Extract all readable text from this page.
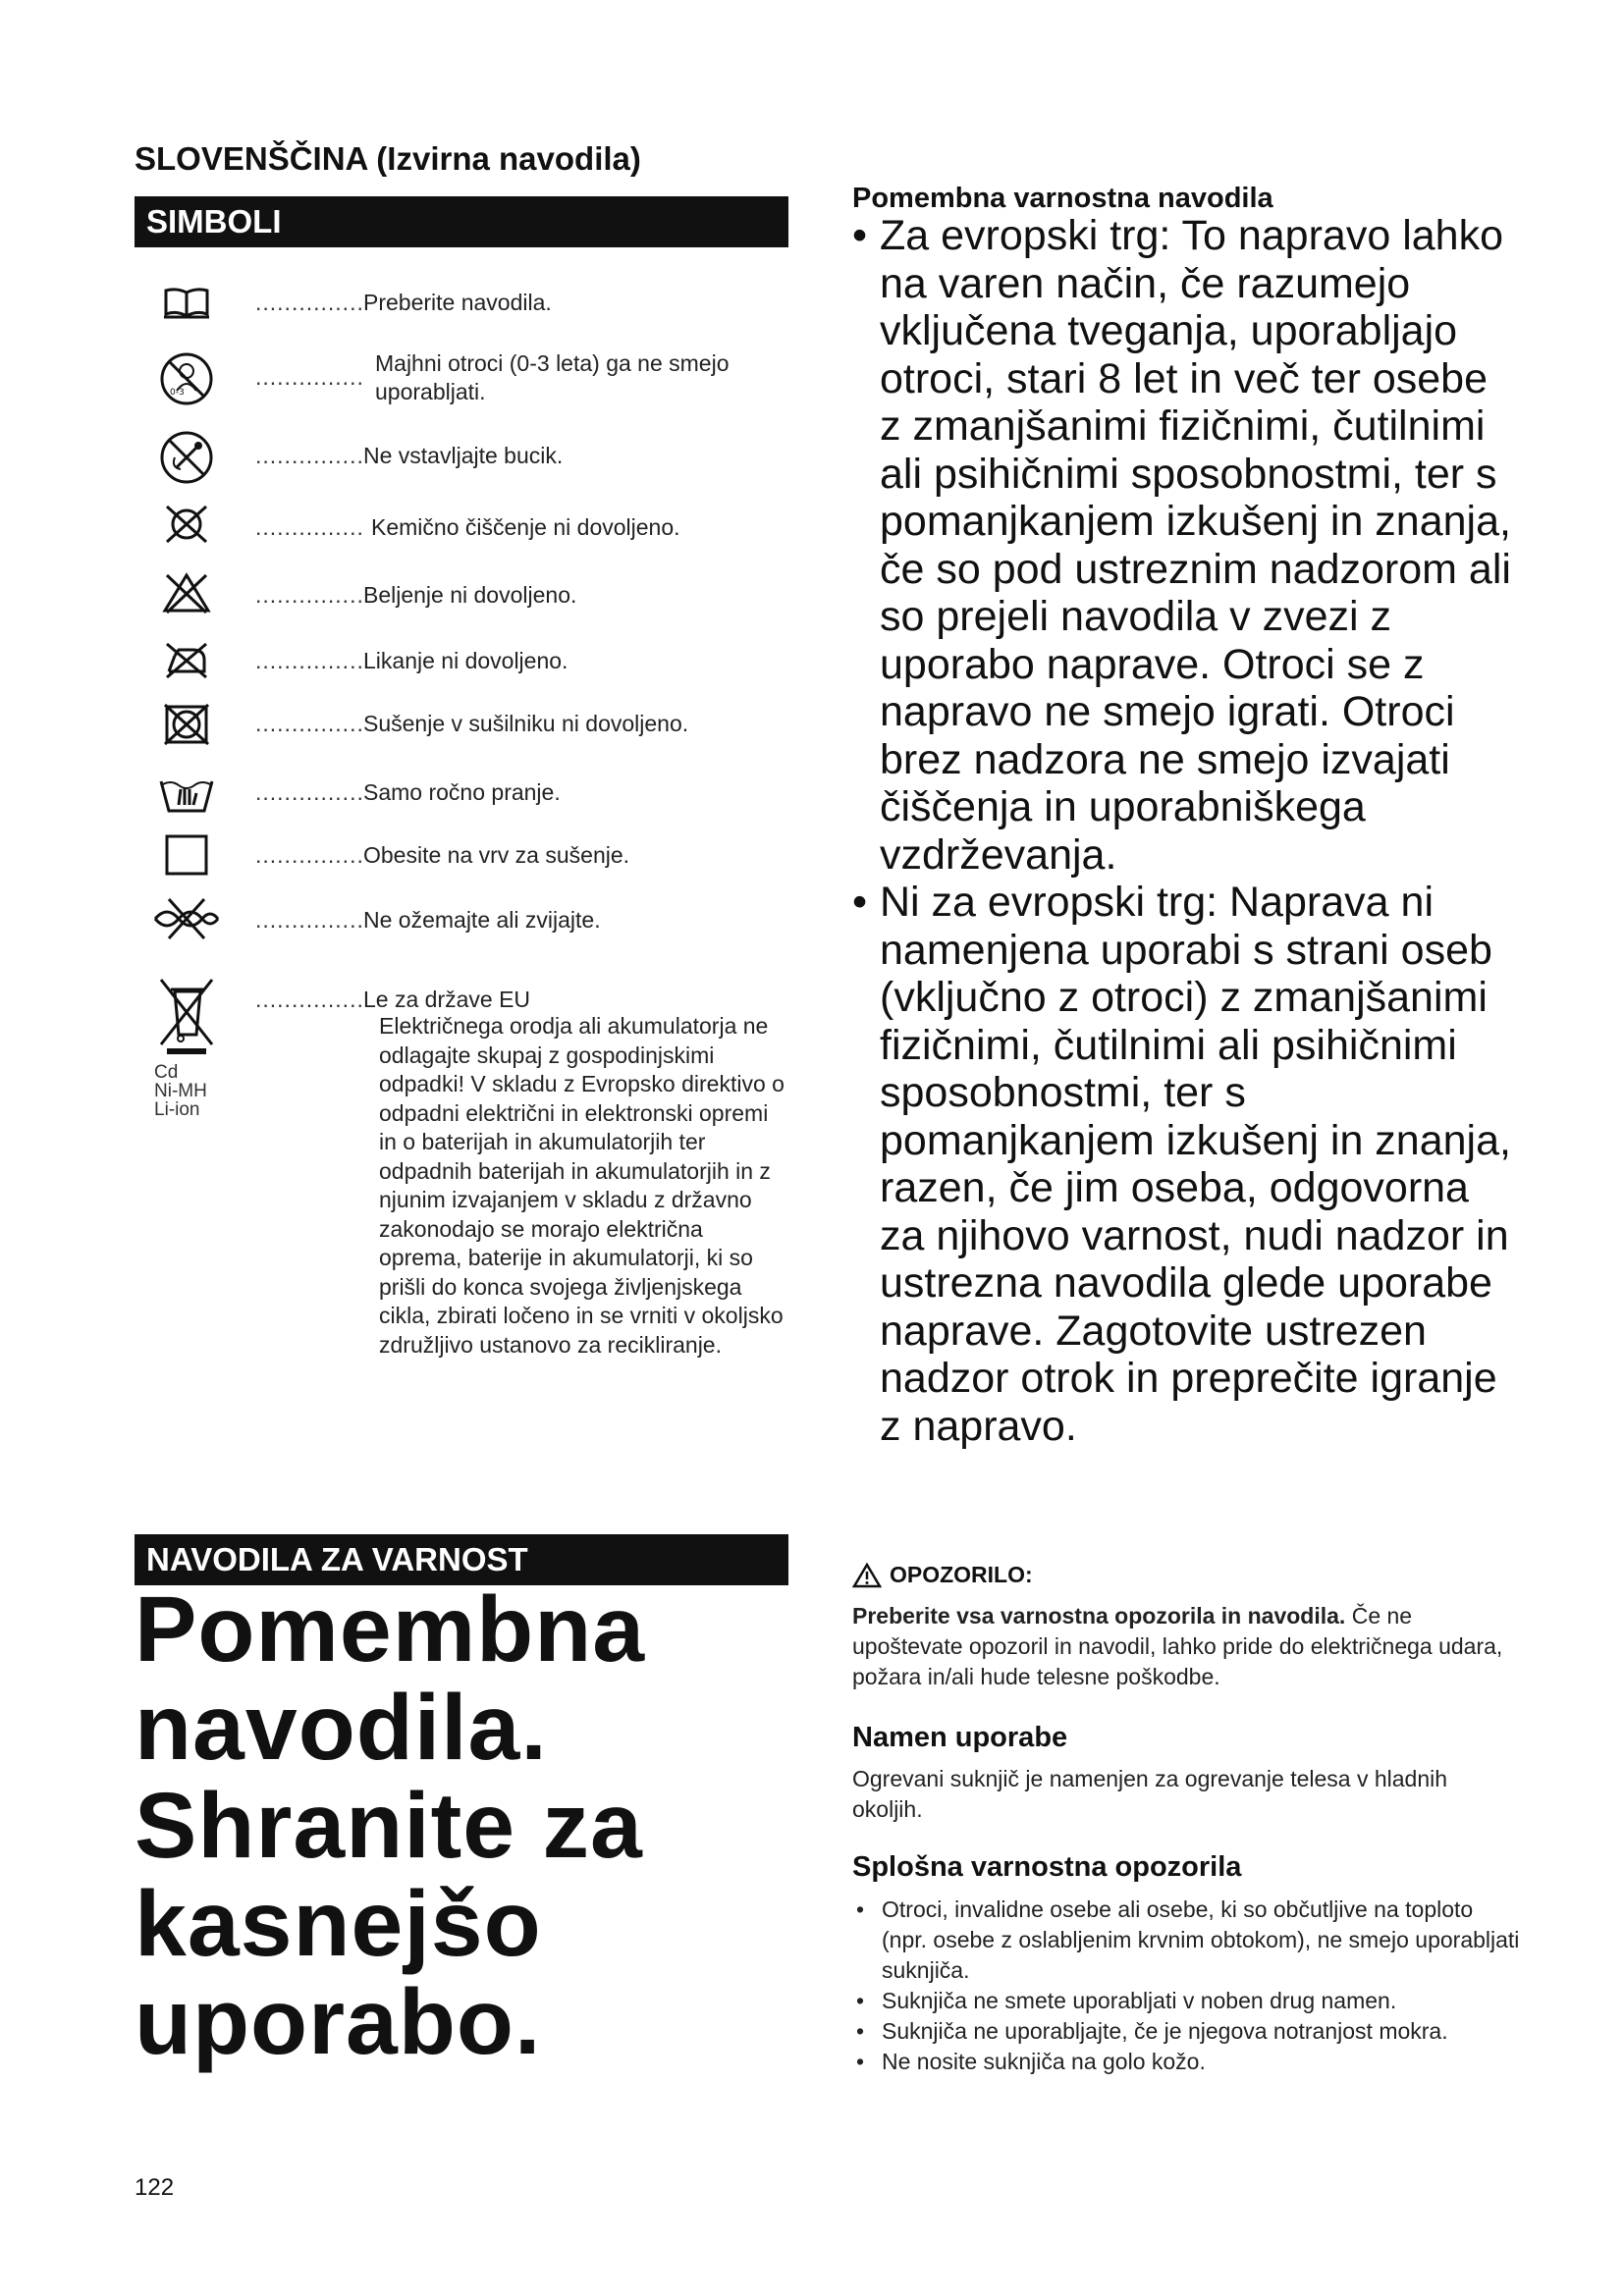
SLOVENŠČINA (Izvirna navodila)
SIMBOLI
0-3
Cd
Ni-MH
Li-ion
............... Preberite navodila.
...............
Majhni otroci (0-3 leta) ga ne smejo uporabljati.
............... Ne vstavljajte bucik.
............... Kemično čiščenje ni dovoljeno.
............... Beljenje ni dovoljeno.
............... Likanje ni dovoljeno.
............... Sušenje v sušilniku ni dovoljeno.
............... Samo ročno pranje.
............... Obesite na vrv za sušenje.
............... Ne ožemajte ali zvijajte.
............... Le za države EU
Električnega orodja ali akumulatorja ne odlagajte skupaj z gospodinjskimi odpadki! V skladu z Evropsko direktivo o odpadni električni in elektronski opremi in o baterijah in akumulatorjih ter odpadnih baterijah in akumulatorjih in z njunim izvajanjem v skladu z državno zakonodajo se morajo električna oprema, baterije in akumulatorji, ki so prišli do konca svojega življenjskega cikla, zbirati ločeno in se vrniti v okoljsko združljivo ustanovo za recikliranje.
NAVODILA ZA VARNOST
Pomembna
navodila.
Shranite za
kasnejšo
uporabo.
122
Pomembna varnostna navodila
• Za evropski trg: To napravo lahko na varen način, če razumejo vključena tveganja, uporabljajo otroci, stari 8 let in več ter osebe z zmanjšanimi fizičnimi, čutilnimi ali psihičnimi sposobnostmi, ter s pomanjkanjem izkušenj in znanja, če so pod ustreznim nadzorom ali so prejeli navodila v zvezi z uporabo naprave. Otroci se z napravo ne smejo igrati. Otroci brez nadzora ne smejo izvajati čiščenja in uporabniškega vzdrževanja.
• Ni za evropski trg: Naprava ni namenjena uporabi s strani oseb (vključno z otroci) z zmanjšanimi fizičnimi, čutilnimi ali psihičnimi sposobnostmi, ter s pomanjkanjem izkušenj in znanja, razen, če jim oseba, odgovorna za njihovo varnost, nudi nadzor in ustrezna navodila glede uporabe naprave. Zagotovite ustrezen nadzor otrok in preprečite igranje z napravo.
OPOZORILO:
Preberite vsa varnostna opozorila in navodila. Če ne upoštevate opozoril in navodil, lahko pride do električnega udara, požara in/ali hude telesne poškodbe.
Namen uporabe
Ogrevani suknjič je namenjen za ogrevanje telesa v hladnih okoljih.
Splošna varnostna opozorila
• Otroci, invalidne osebe ali osebe, ki so občutljive na toploto (npr. osebe z oslabljenim krvnim obtokom), ne smejo uporabljati suknjiča.
• Suknjiča ne smete uporabljati v noben drug namen.
• Suknjiča ne uporabljajte, če je njegova notranjost mokra.
• Ne nosite suknjiča na golo kožo.
